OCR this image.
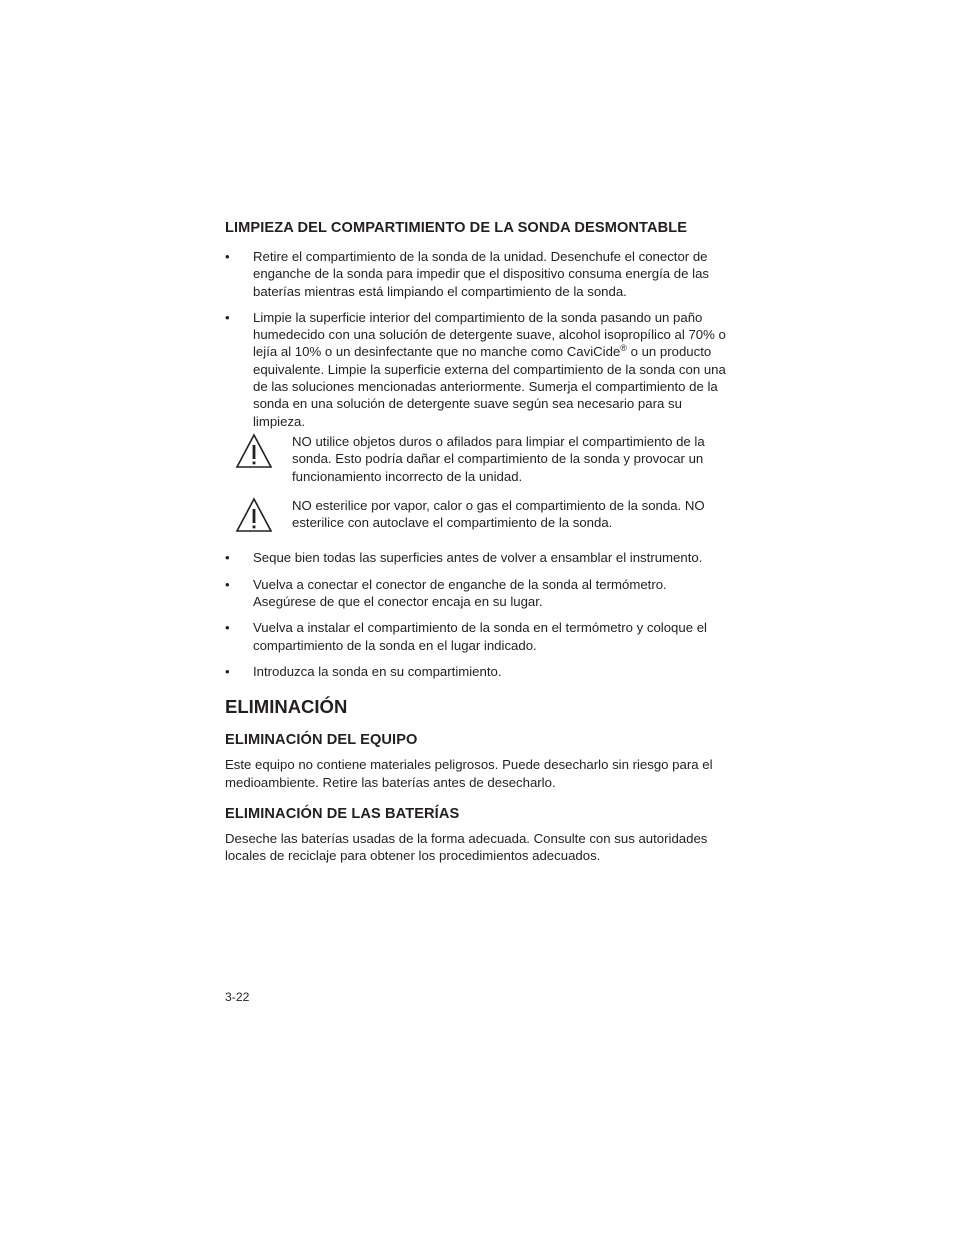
LIMPIEZA DEL COMPARTIMIENTO DE LA SONDA DESMONTABLE
• Retire el compartimiento de la sonda de la unidad. Desenchufe el conector de enganche de la sonda para impedir que el dispositivo consuma energía de las baterías mientras está limpiando el compartimiento de la sonda.
• Limpie la superficie interior del compartimiento de la sonda pasando un paño humedecido con una solución de detergente suave, alcohol isopropílico al 70% o lejía al 10% o un desinfectante que no manche como CaviCide® o un producto equivalente. Limpie la superficie externa del compartimiento de la sonda con una de las soluciones mencionadas anteriormente. Sumerja el compartimiento de la sonda en una solución de detergente suave según sea necesario para su limpieza.
NO utilice objetos duros o afilados para limpiar el compartimiento de la sonda. Esto podría dañar el compartimiento de la sonda y provocar un funcionamiento incorrecto de la unidad.
NO esterilice por vapor, calor o gas el compartimiento de la sonda. NO esterilice con autoclave el compartimiento de la sonda.
• Seque bien todas las superficies antes de volver a ensamblar el instrumento.
• Vuelva a conectar el conector de enganche de la sonda al termómetro. Asegúrese de que el conector encaja en su lugar.
• Vuelva a instalar el compartimiento de la sonda en el termómetro y coloque el compartimiento de la sonda en el lugar indicado.
• Introduzca la sonda en su compartimiento.
ELIMINACIÓN
ELIMINACIÓN DEL EQUIPO

Este equipo no contiene materiales peligrosos. Puede desecharlo sin riesgo para el medioambiente. Retire las baterías antes de desecharlo.

ELIMINACIÓN DE LAS BATERÍAS

Deseche las baterías usadas de la forma adecuada. Consulte con sus autoridades locales de reciclaje para obtener los procedimientos adecuados.

3-22
